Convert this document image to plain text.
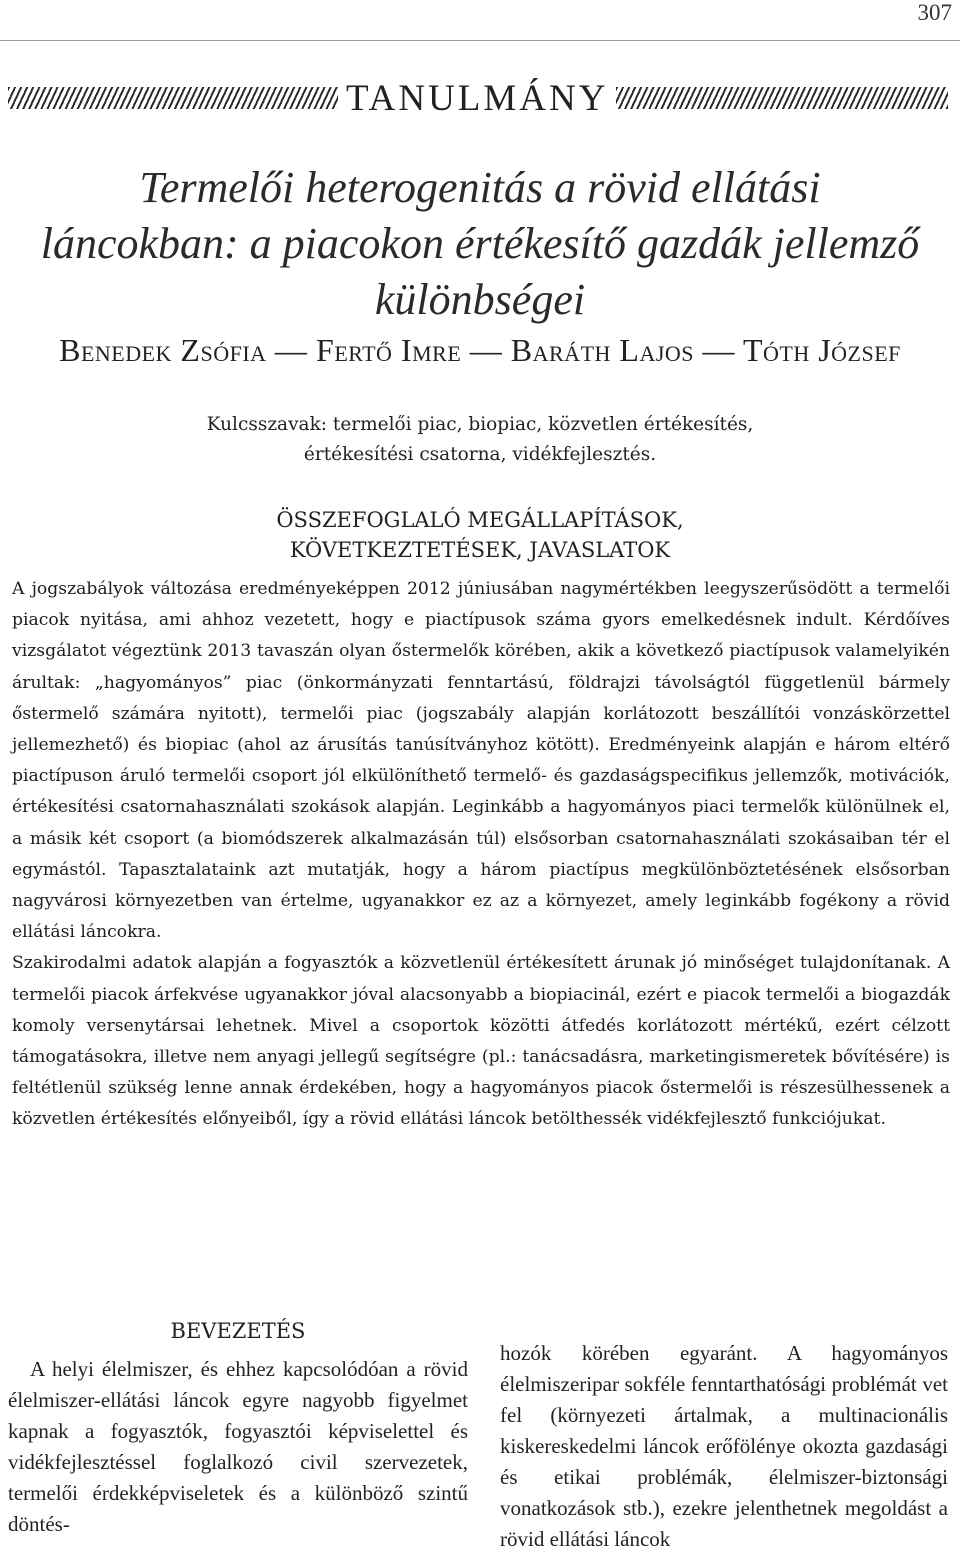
307
TANULMÁNY
Termelői heterogenitás a rövid ellátási láncokban: a piacokon értékesítő gazdák jellemző különbségei
Benedek Zsófia — Fertő Imre — Baráth Lajos — Tóth József
Kulcsszavak: termelői piac, biopiac, közvetlen értékesítés,
értékesítési csatorna, vidékfejlesztés.
ÖSSZEFOGLALÓ MEGÁLLAPÍTÁSOK,
KÖVETKEZTETÉSEK, JAVASLATOK

A jogszabályok változása eredményeképpen 2012 júniusában nagymértékben leegyszerűsödött a termelői piacok nyitása, ami ahhoz vezetett, hogy e piactípusok száma gyors emelkedésnek indult. Kérdőíves vizsgálatot végeztünk 2013 tavaszán olyan őstermelők körében, akik a következő piactípusok valamelyikén árultak: „hagyományos” piac (önkormányzati fenntartású, földrajzi távolságtól függetlenül bármely őstermelő számára nyitott), termelői piac (jogszabály alapján korlátozott beszállítói vonzáskörzettel jellemezhető) és biopiac (ahol az árusítás tanúsítványhoz kötött). Eredményeink alapján e három eltérő piactípuson áruló termelői csoport jól elkülöníthető termelő- és gazdaságspecifikus jellemzők, motivációk, értékesítési csatornahasználati szokások alapján. Leginkább a hagyományos piaci termelők különülnek el, a másik két csoport (a biomódszerek alkalmazásán túl) elsősorban csatornahasználati szokásaiban tér el egymástól. Tapasztalataink azt mutatják, hogy a három piactípus megkülönböztetésének elsősorban nagyvárosi környezetben van értelme, ugyanakkor ez az a környezet, amely leginkább fogékony a rövid ellátási láncokra.

Szakirodalmi adatok alapján a fogyasztók a közvetlenül értékesített árunak jó minőséget tulajdonítanak. A termelői piacok árfekvése ugyanakkor jóval alacsonyabb a biopiacinál, ezért e piacok termelői a biogazdák komoly versenytársai lehetnek. Mivel a csoportok közötti átfedés korlátozott mértékű, ezért célzott támogatásokra, illetve nem anyagi jellegű segítségre (pl.: tanácsadásra, marketingismeretek bővítésére) is feltétlenül szükség lenne annak érdekében, hogy a hagyományos piacok őstermelői is részesülhessenek a közvetlen értékesítés előnyeiből, így a rövid ellátási láncok betölthessék vidékfejlesztő funkciójukat.

BEVEZETÉS

A helyi élelmiszer, és ehhez kapcsolódóan a rövid élelmiszer-ellátási láncok egyre nagyobb figyelmet kapnak a fogyasztók, fogyasztói képviselettel és vidékfejlesztéssel foglalkozó civil szervezetek, termelői érdekképviseletek és a különböző szintű döntés-

hozók körében egyaránt. A hagyományos élelmiszeripar sokféle fenntarthatósági problémát vet fel (környezeti ártalmak, a multinacionális kiskereskedelmi láncok erőfölénye okozta gazdasági és etikai problémák, élelmiszer-biztonsági vonatkozások stb.), ezekre jelenthetnek megoldást a rövid ellátási láncok
